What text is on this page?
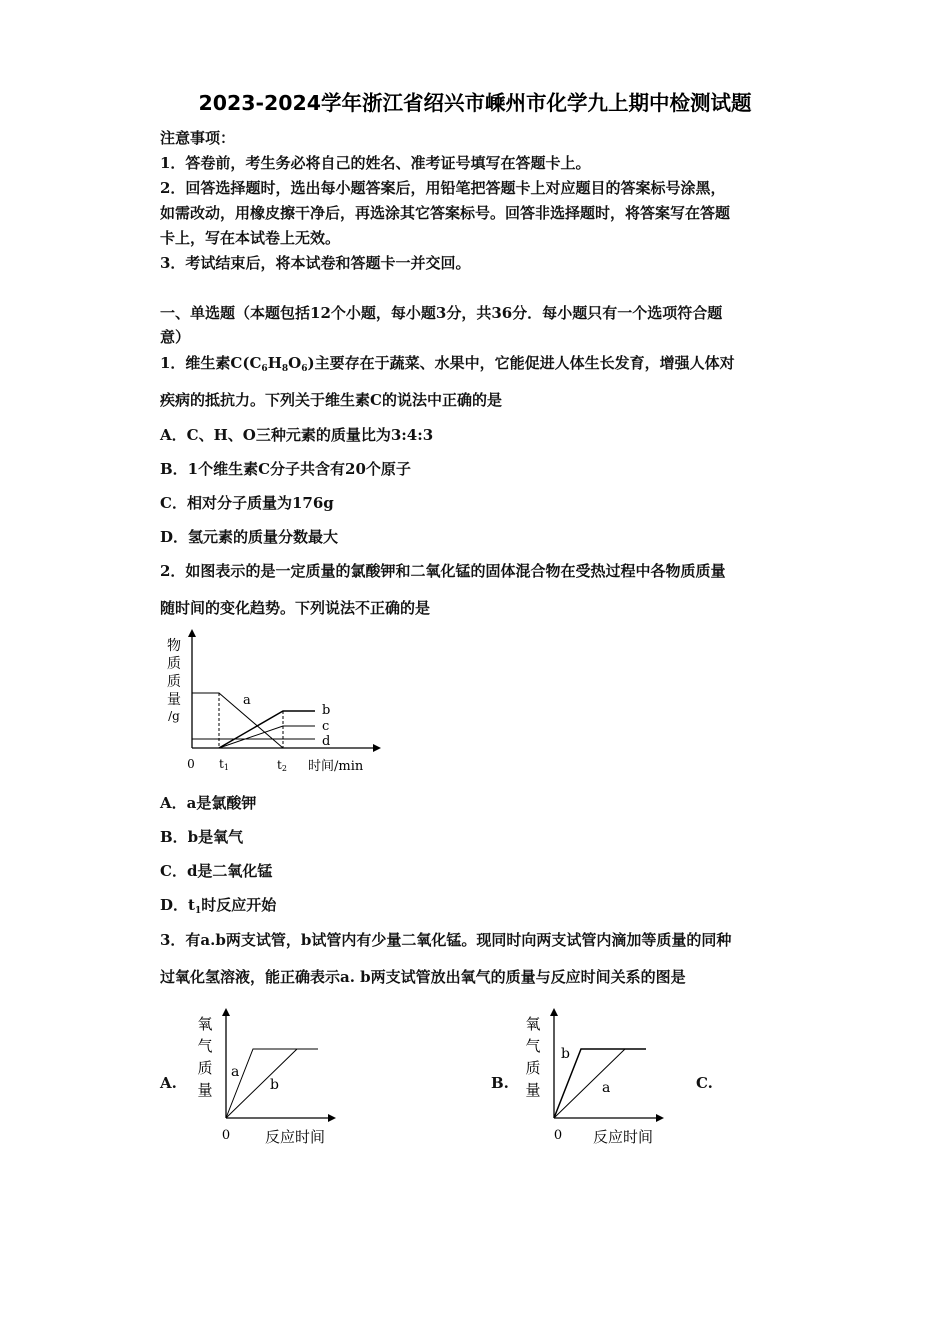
2023-2024学年浙江省绍兴市嵊州市化学九上期中检测试题
注意事项：
1．答卷前，考生务必将自己的姓名、准考证号填写在答题卡上。
2．回答选择题时，选出每小题答案后，用铅笔把答题卡上对应题目的答案标号涂黑，
如需改动，用橡皮擦干净后，再选涂其它答案标号。回答非选择题时，将答案写在答题
卡上，写在本试卷上无效。
3．考试结束后，将本试卷和答题卡一并交回。
一、单选题（本题包括12个小题，每小题3分，共36分．每小题只有一个选项符合题
意）
1．维生素$C(C_6H_8O_6)$主要存在于蔬菜、水果中，它能促进人体生长发育，增强人体对
疾病的抵抗力。下列关于维生素C的说法中正确的是
A．C、H、O三种元素的质量比为3:4:3
B．1个维生素C分子共含有20个原子
C．相对分子质量为176g
D．氢元素的质量分数最大
2．如图表示的是一定质量的氯酸钾和二氧化锰的固体混合物在受热过程中各物质质量
随时间的变化趋势。下列说法不正确的是
物
质
质
量
/g
a
b
c
d
0 t1	t2 时间/min
A．a是氯酸钾
B．b是氧气
C．d是二氧化锰
D．$t_1$时反应开始
3．有a.b两支试管，b试管内有少量二氧化锰。现同时向两支试管内滴加等质量的同种
过氧化氢溶液，能正确表示a. b两支试管放出氧气的质量与反应时间关系的图是
A.
氧
气
质
量
a
b
0 反应时间
B.
氧
气
质
量
b
a
0 反应时间
C.
